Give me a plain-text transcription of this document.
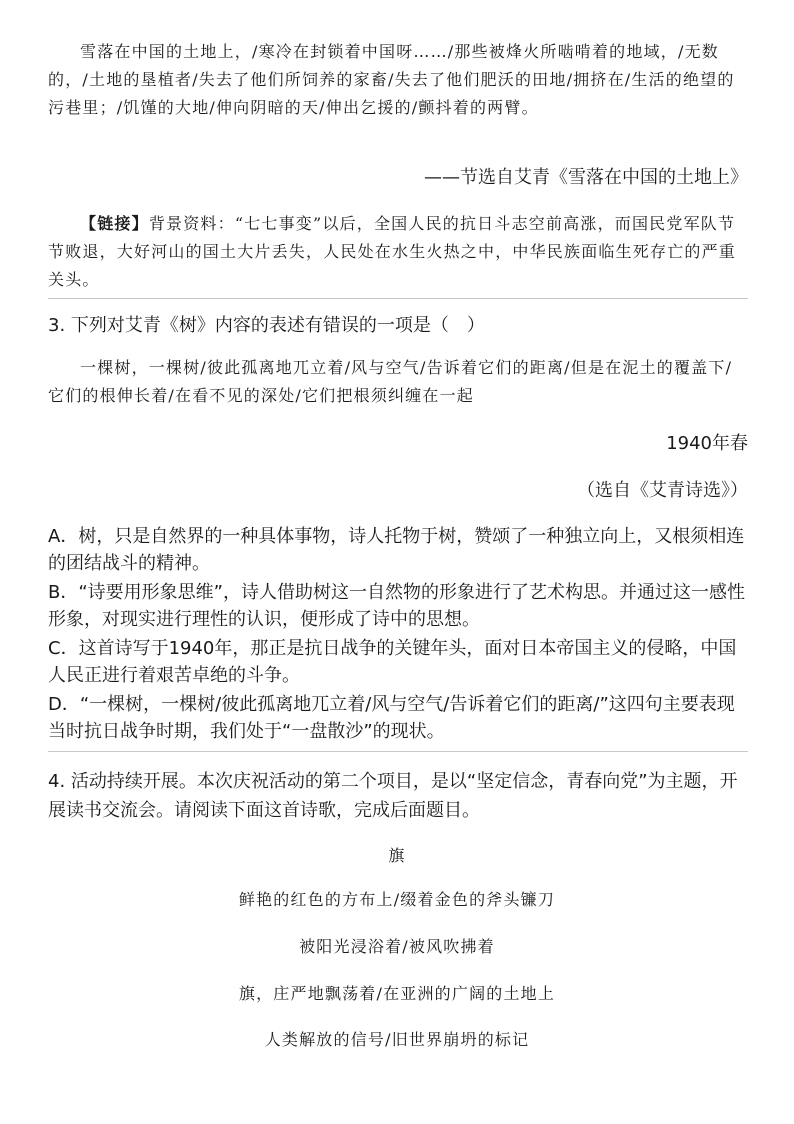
雪落在中国的土地上，/寒冷在封锁着中国呀……/那些被烽火所啮啃着的地域，/无数的，/土地的垦植者/失去了他们所饲养的家畜/失去了他们肥沃的田地/拥挤在/生活的绝望的污巷里；/饥馑的大地/伸向阴暗的天/伸出乞援的/颤抖着的两臂。

——节选自艾青《雪落在中国的土地上》

【链接】背景资料：“七七事变”以后，全国人民的抗日斗志空前高涨，而国民党军队节节败退，大好河山的国土大片丢失，人民处在水生火热之中，中华民族面临生死存亡的严重关头。

3. 下列对艾青《树》内容的表述有错误的一项是（　）

一棵树，一棵树/彼此孤离地兀立着/风与空气/告诉着它们的距离/但是在泥土的覆盖下/它们的根伸长着/在看不见的深处/它们把根须纠缠在一起

1940年春

（选自《艾青诗选》）

A．树，只是自然界的一种具体事物，诗人托物于树，赞颂了一种独立向上，又根须相连的团结战斗的精神。

B．“诗要用形象思维”，诗人借助树这一自然物的形象进行了艺术构思。并通过这一感性形象，对现实进行理性的认识，便形成了诗中的思想。

C．这首诗写于1940年，那正是抗日战争的关键年头，面对日本帝国主义的侵略，中国人民正进行着艰苦卓绝的斗争。

D．“一棵树，一棵树/彼此孤离地兀立着/风与空气/告诉着它们的距离/”这四句主要表现当时抗日战争时期，我们处于“一盘散沙”的现状。

4. 活动持续开展。本次庆祝活动的第二个项目，是以“坚定信念，青春向党”为主题，开展读书交流会。请阅读下面这首诗歌，完成后面题目。

旗

鲜艳的红色的方布上/缀着金色的斧头镰刀

被阳光浸浴着/被风吹拂着

旗，庄严地飘荡着/在亚洲的广阔的土地上

人类解放的信号/旧世界崩坍的标记
